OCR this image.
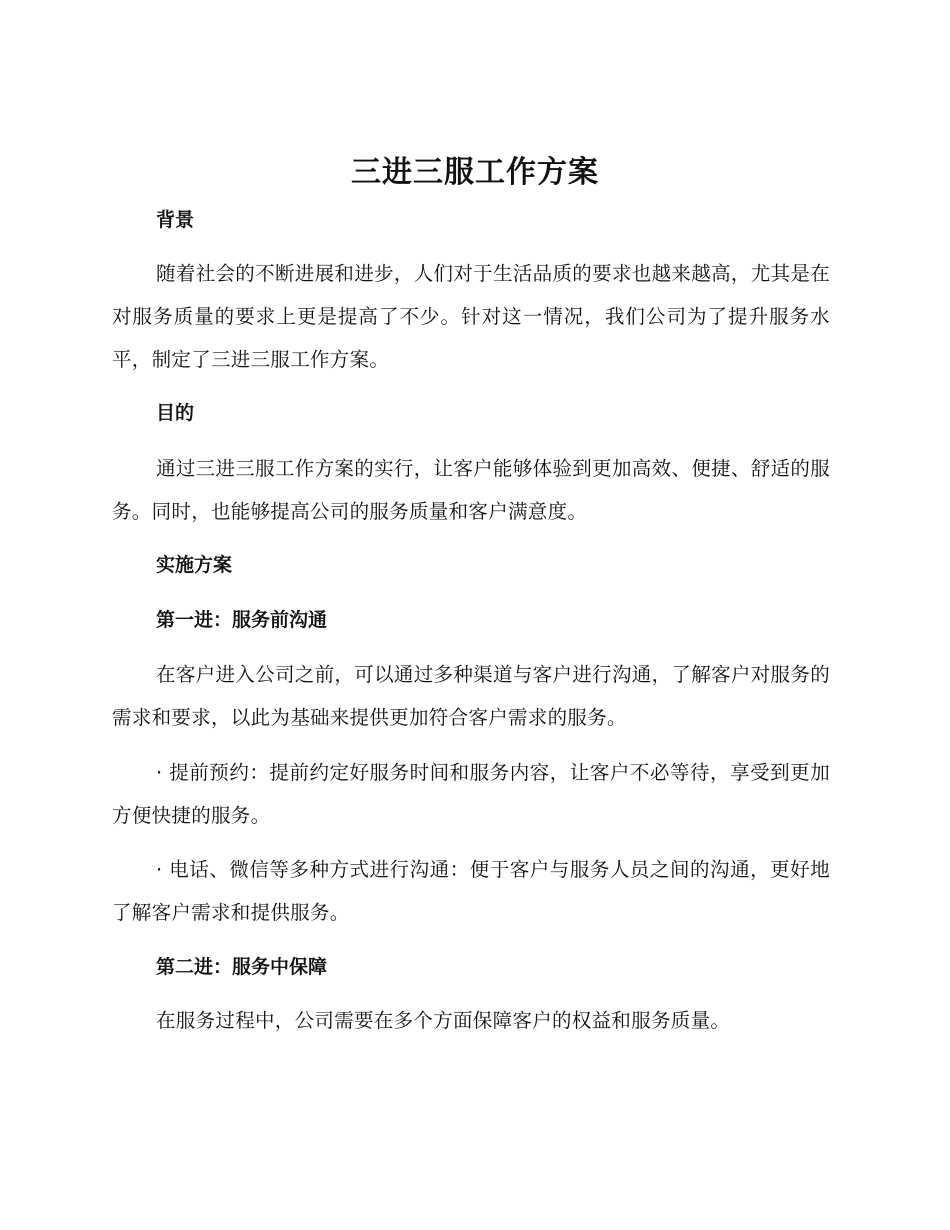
三进三服工作方案
背景

随着社会的不断进展和进步，人们对于生活品质的要求也越来越高，尤其是在对服务质量的要求上更是提高了不少。针对这一情况，我们公司为了提升服务水平，制定了三进三服工作方案。

目的

通过三进三服工作方案的实行，让客户能够体验到更加高效、便捷、舒适的服务。同时，也能够提高公司的服务质量和客户满意度。

实施方案
第一进：服务前沟通

在客户进入公司之前，可以通过多种渠道与客户进行沟通，了解客户对服务的需求和要求，以此为基础来提供更加符合客户需求的服务。

· 提前预约：提前约定好服务时间和服务内容，让客户不必等待，享受到更加方便快捷的服务。

· 电话、微信等多种方式进行沟通：便于客户与服务人员之间的沟通，更好地了解客户需求和提供服务。

第二进：服务中保障

在服务过程中，公司需要在多个方面保障客户的权益和服务质量。
